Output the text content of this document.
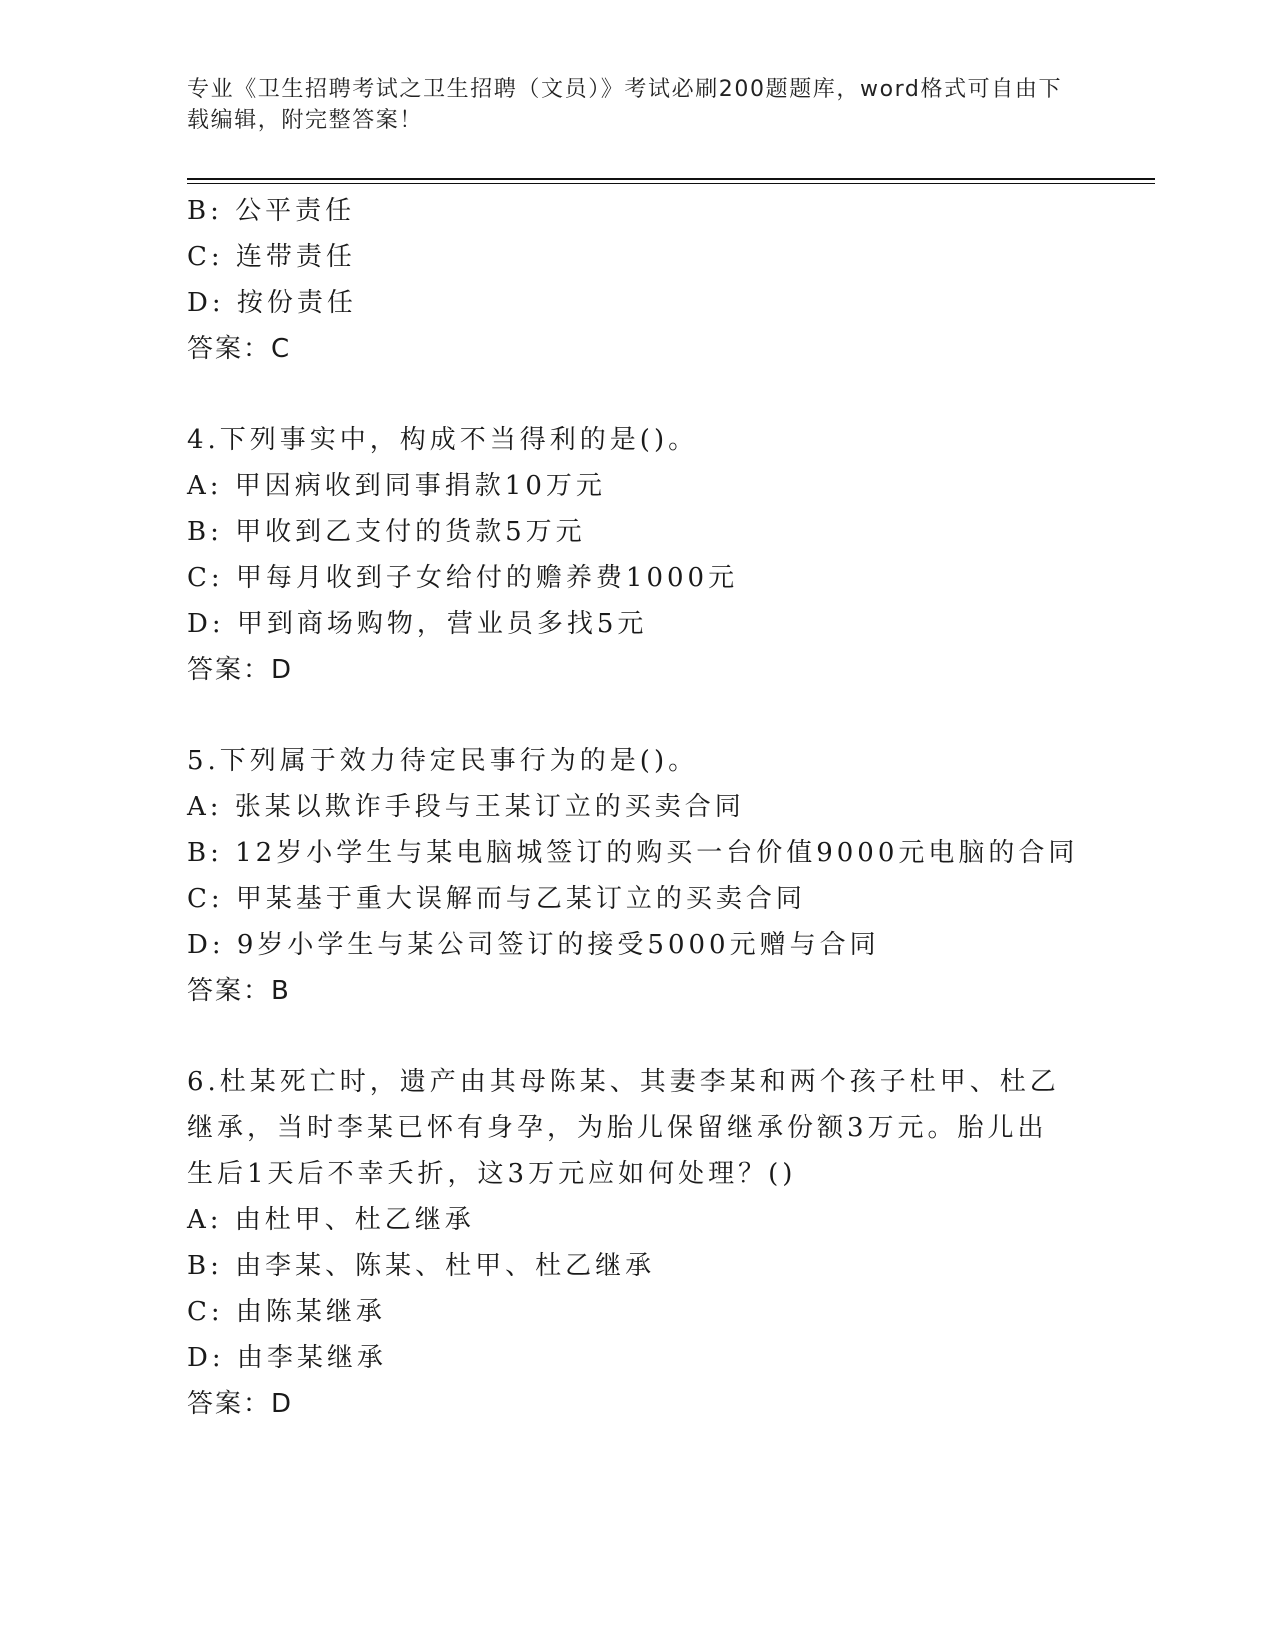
专业《卫生招聘考试之卫生招聘（文员）》考试必刷200题题库，word格式可自由下载编辑，附完整答案！
B: 公平责任
C: 连带责任
D: 按份责任
答案：C
4.下列事实中，构成不当得利的是()。
A: 甲因病收到同事捐款10万元
B: 甲收到乙支付的货款5万元
C: 甲每月收到子女给付的赡养费1000元
D: 甲到商场购物，营业员多找5元
答案：D
5.下列属于效力待定民事行为的是()。
A: 张某以欺诈手段与王某订立的买卖合同
B: 12岁小学生与某电脑城签订的购买一台价值9000元电脑的合同
C: 甲某基于重大误解而与乙某订立的买卖合同
D: 9岁小学生与某公司签订的接受5000元赠与合同
答案：B
6.杜某死亡时，遗产由其母陈某、其妻李某和两个孩子杜甲、杜乙继承，当时李某已怀有身孕，为胎儿保留继承份额3万元。胎儿出生后1天后不幸夭折，这3万元应如何处理？()
A: 由杜甲、杜乙继承
B: 由李某、陈某、杜甲、杜乙继承
C: 由陈某继承
D: 由李某继承
答案：D
